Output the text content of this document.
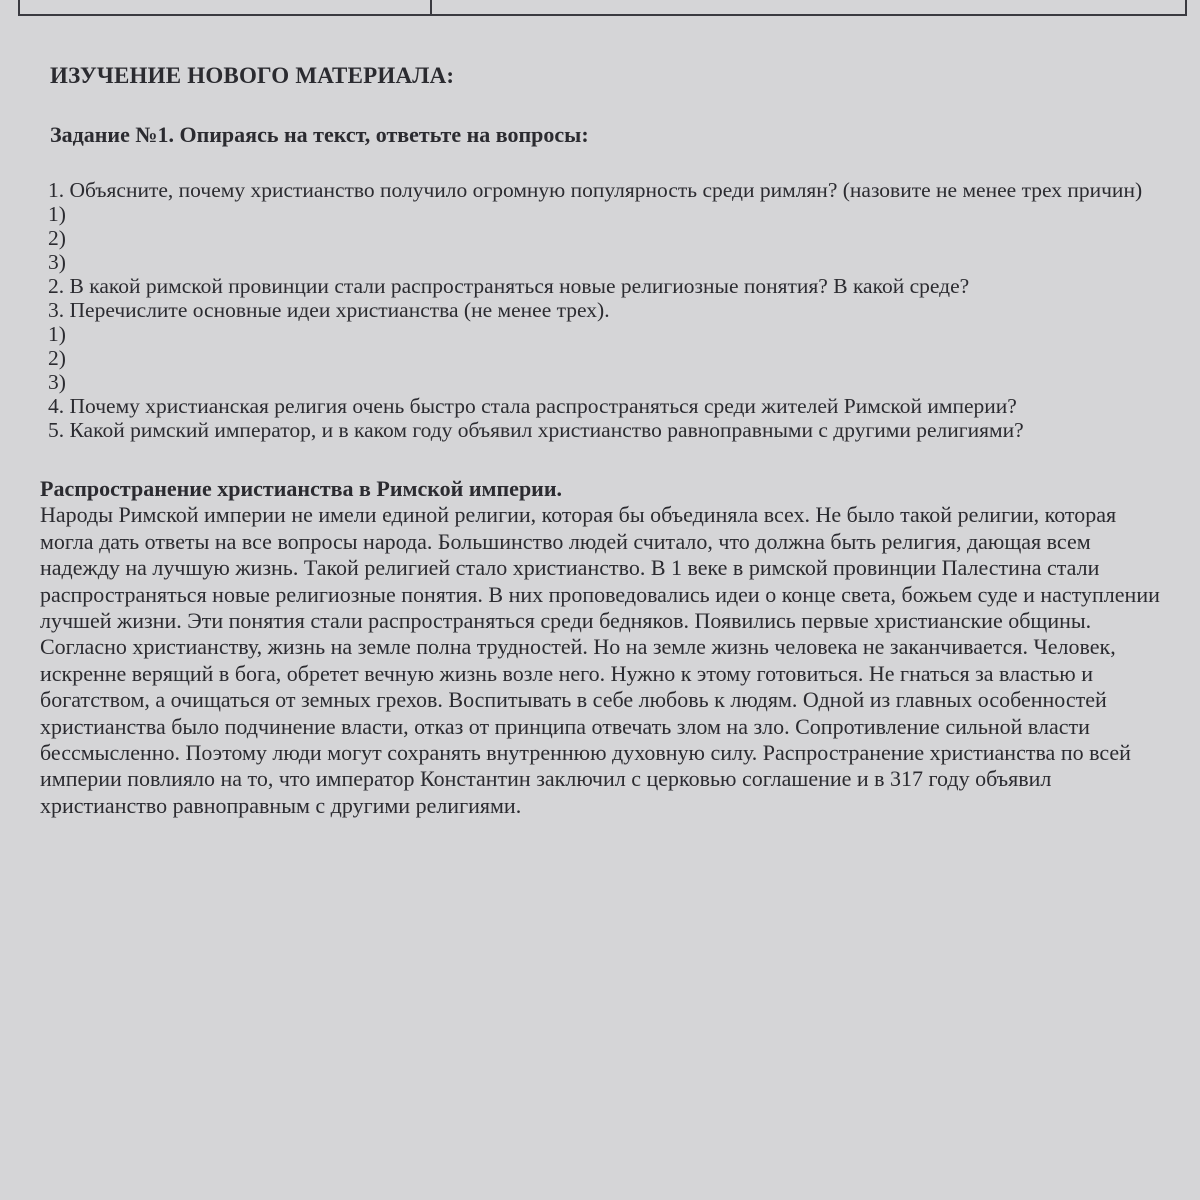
ИЗУЧЕНИЕ НОВОГО МАТЕРИАЛА:
Задание №1. Опираясь на текст, ответьте на вопросы:

1. Объясните, почему христианство получило огромную популярность среди римлян? (назовите не менее трех причин)

1)

2)

3)

2. В какой римской провинции стали распространяться новые религиозные понятия? В какой среде?

3. Перечислите основные идеи христианства (не менее трех).

1)

2)

3)

4. Почему христианская религия очень быстро стала распространяться среди жителей Римской империи?

5. Какой римский император, и в каком году объявил христианство равноправными с другими религиями?

Распространение христианства в Римской империи.

Народы Римской империи не имели единой религии, которая бы объединяла всех. Не было такой религии, которая могла дать ответы на все вопросы народа. Большинство людей считало, что должна быть религия, дающая всем надежду на лучшую жизнь. Такой религией стало христианство. В 1 веке в римской провинции Палестина стали распространяться новые религиозные понятия. В них проповедовались идеи о конце света, божьем суде и наступлении лучшей жизни. Эти понятия стали распространяться среди бедняков. Появились первые христианские общины. Согласно христианству, жизнь на земле полна трудностей. Но на земле жизнь человека не заканчивается. Человек, искренне верящий в бога, обретет вечную жизнь возле него. Нужно к этому готовиться. Не гнаться за властью и богатством, а очищаться от земных грехов. Воспитывать в себе любовь к людям. Одной из главных особенностей христианства было подчинение власти, отказ от принципа отвечать злом на зло. Сопротивление сильной власти бессмысленно. Поэтому люди могут сохранять внутреннюю духовную силу. Распространение христианства по всей империи повлияло на то, что император Константин заключил с церковью соглашение и в 317 году объявил христианство равноправным с другими религиями.
